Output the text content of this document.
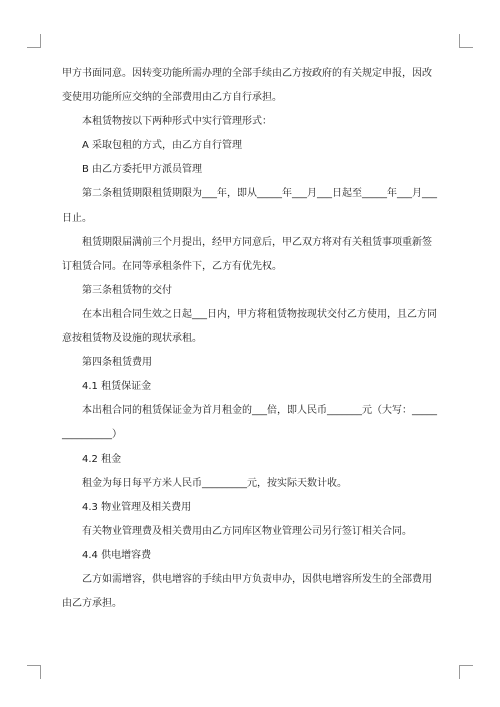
甲方书面同意。因转变功能所需办理的全部手续由乙方按政府的有关规定申报，因改
变使用功能所应交纳的全部费用由乙方自行承担。
本租赁物按以下两种形式中实行管理形式：
A 采取包租的方式，由乙方自行管理
B 由乙方委托甲方派员管理
第二条租赁期限租赁期限为___年，即从_____年___月___日起至_____年___月___
日止。
租赁期限届满前三个月提出，经甲方同意后，甲乙双方将对有关租赁事项重新签
订租赁合同。在同等承租条件下，乙方有优先权。
第三条租赁物的交付
在本出租合同生效之日起___日内，甲方将租赁物按现状交付乙方使用，且乙方同
意按租赁物及设施的现状承租。
第四条租赁费用
4.1 租赁保证金
本出租合同的租赁保证金为首月租金的___倍，即人民币_______元（大写：_____
__________）
4.2 租金
租金为每日每平方米人民币_________元，按实际天数计收。
4.3 物业管理及相关费用
有关物业管理费及相关费用由乙方同库区物业管理公司另行签订相关合同。
4.4 供电增容费
乙方如需增容，供电增容的手续由甲方负责申办，因供电增容所发生的全部费用
由乙方承担。
